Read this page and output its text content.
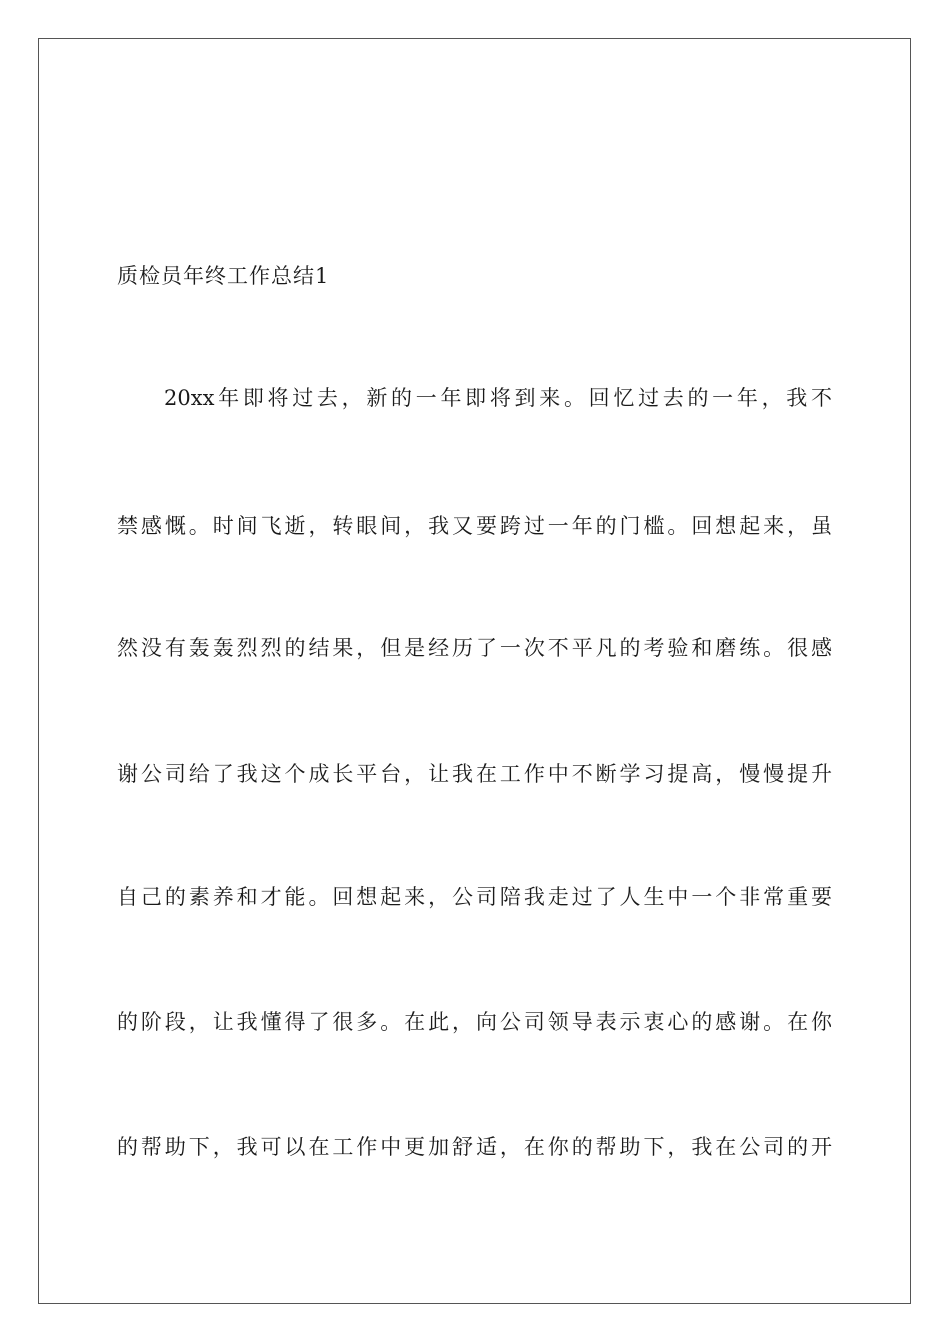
质检员年终工作总结1
20xx年即将过去，新的一年即将到来。回忆过去的一年，我不
禁感慨。时间飞逝，转眼间，我又要跨过一年的门槛。回想起来，虽
然没有轰轰烈烈的结果，但是经历了一次不平凡的考验和磨练。很感
谢公司给了我这个成长平台，让我在工作中不断学习提高，慢慢提升
自己的素养和才能。回想起来，公司陪我走过了人生中一个非常重要
的阶段，让我懂得了很多。在此，向公司领导表示衷心的感谢。在你
的帮助下，我可以在工作中更加舒适，在你的帮助下，我在公司的开
